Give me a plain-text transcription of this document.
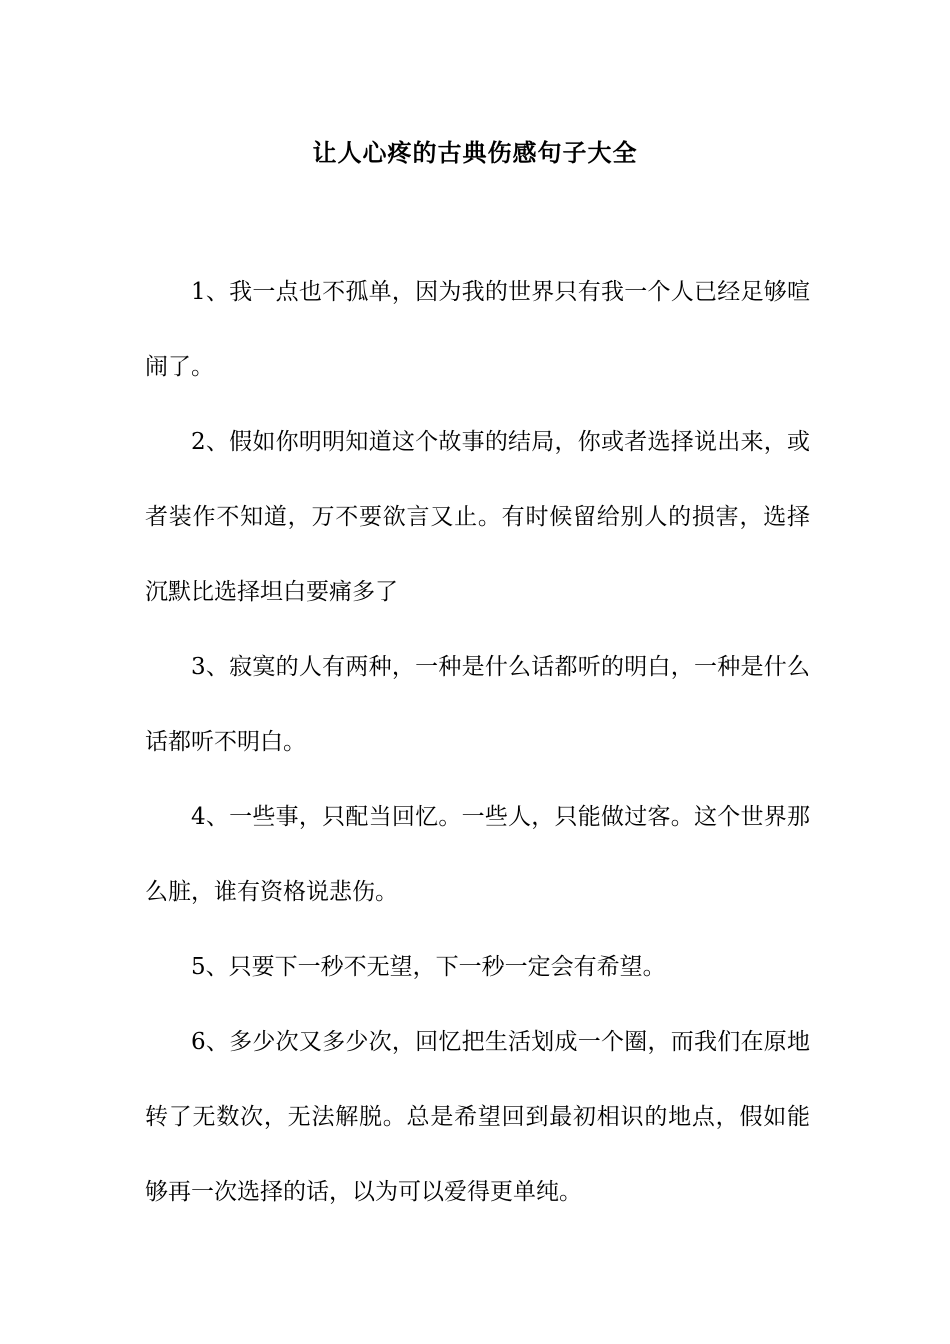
让人心疼的古典伤感句子大全

1、我一点也不孤单，因为我的世界只有我一个人已经足够喧闹了。

2、假如你明明知道这个故事的结局，你或者选择说出来，或者装作不知道，万不要欲言又止。有时候留给别人的损害，选择沉默比选择坦白要痛多了

3、寂寞的人有两种，一种是什么话都听的明白，一种是什么话都听不明白。

4、一些事，只配当回忆。一些人，只能做过客。这个世界那么脏，谁有资格说悲伤。

5、只要下一秒不无望，下一秒一定会有希望。

6、多少次又多少次，回忆把生活划成一个圈，而我们在原地转了无数次，无法解脱。总是希望回到最初相识的地点，假如能够再一次选择的话，以为可以爱得更单纯。
